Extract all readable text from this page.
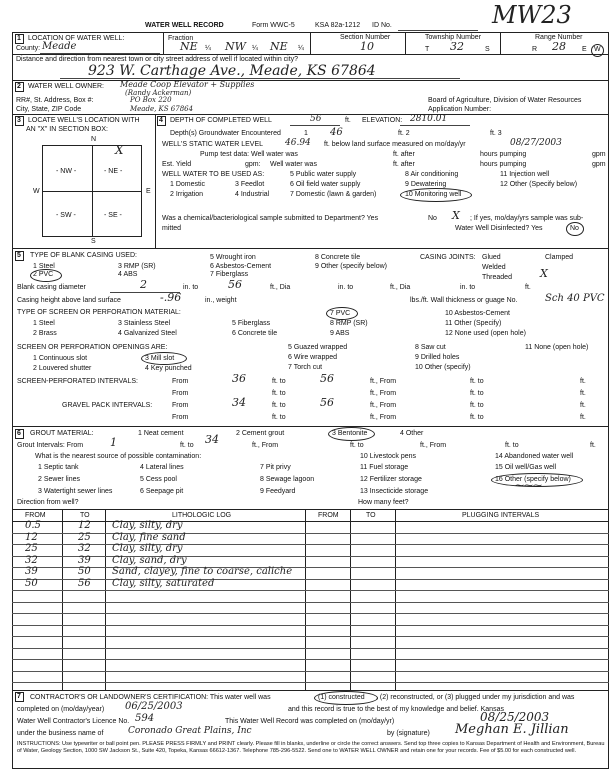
WATER WELL RECORD	Form WWC-5	KSA 82a-1212 ID No.	MW23
1 LOCATION OF WATER WELL:
County: Meade
Fraction
NE ¼ NW ¼ NE ¼
Section Number
10
Township Number
T 32	S
Range Number
R 28 E W
Distance and direction from nearest town or city street address of well if located within city?
923 W. Carthage Ave., Meade, KS 67864
2 WATER WELL OWNER: Meade Coop Elevator + Supplies
(Randy Ackerman)
RR#, St. Address, Box #:	PO Box 220
City, State, ZIP Code	Meade, KS 67864
Board of Agriculture, Division of Water Resources
Application Number:
3 LOCATE WELL'S LOCATION WITH
AN "X" IN SECTION BOX:
N
S
W	E
- NW -	- NE -
- SW -	- SE -
X
4 DEPTH OF COMPLETED WELL	56	ft. ELEVATION: 2810.01
Depth(s) Groundwater Encountered	1 46	ft. 2	ft. 3
WELL'S STATIC WATER LEVEL 46.94 ft. below land surface measured on mo/day/yr	08/27/2003
Pump test data: Well water was	ft. after	hours pumping	gpm
Est. Yield	gpm: Well water was	ft. after	hours pumping	gpm
WELL WATER TO BE USED AS:
1 Domestic
2 Irrigation
3 Feedlot
4 Industrial
5 Public water supply
6 Oil field water supply
7 Domestic (lawn & garden)
8 Air conditioning
9 Dewatering
10 Monitoring well
11 Injection well
12 Other (Specify below)
Was a chemical/bacteriological sample submitted to Department? Yes	No X ; If yes, mo/day/yrs sample was sub-
mitted	Water Well Disinfected? Yes	No
5 TYPE OF BLANK CASING USED:
1 Steel
2 PVC
3 RMP (SR)
4 ABS
5 Wrought iron
6 Asbestos-Cement
7 Fiberglass
8 Concrete tile
9 Other (specify below)
CASING JOINTS: Glued	Clamped
Welded
Threaded	X
Blank casing diameter	2	in. to	56	ft., Dia	in. to	ft., Dia	in. to	ft.
Casing height above land surface	-.96	in., weight	lbs./ft. Wall thickness or guage No.	Sch 40 PVC
TYPE OF SCREEN OR PERFORATION MATERIAL:
1 Steel
2 Brass
3 Stainless Steel
4 Galvanized Steel
5 Fiberglass
6 Concrete tile
7 PVC
8 RMP (SR)
9 ABS
10 Asbestos-Cement
11 Other (Specify)
12 None used (open hole)
SCREEN OR PERFORATION OPENINGS ARE:
1 Continuous slot
2 Louvered shutter
3 Mill slot
4 Key punched
5 Guazed wrapped
6 Wire wrapped
7 Torch cut
8 Saw cut
9 Drilled holes
10 Other (specify)
11 None (open hole)
SCREEN-PERFORATED INTERVALS:	From	36	ft. to	56	ft., From	ft. to	ft.
From	ft. to	ft., From	ft. to	ft.
GRAVEL PACK INTERVALS:	From	34	ft. to	56	ft., From	ft. to	ft.
From	ft. to	ft., From	ft. to	ft.
6 GROUT MATERIAL:	1 Neat cement	2 Cement grout	3 Bentonite	4 Other
Grout Intervals: From 1	ft. to 34	ft., From	ft. to	ft., From	ft. to	ft.
What is the nearest source of possible contamination:
1 Septic tank
2 Sewer lines
3 Watertight sewer lines
4 Lateral lines
5 Cess pool
6 Seepage pit
7 Pit privy
8 Sewage lagoon
9 Feedyard
10 Livestock pens
11 Fuel storage
12 Fertilizer storage
13 Insecticide storage
14 Abandoned water well
15 Oil well/Gas well
16 Other (specify below)
⁓⁓⁓
Direction from well?	How many feet?
FROM	TO	LITHOLOGIC LOG	FROM	TO	PLUGGING INTERVALS
0.5	12 Clay, silty, dry
12	25 Clay, fine sand
25	32 Clay, silty, dry
32	39 Clay, sand, dry
39	50 Sand, clayey, fine to coarse, caliche
50	56 Clay, silty, saturated
7 CONTRACTOR'S OR LANDOWNER'S CERTIFICATION: This water well was	(1) constructed , (2) reconstructed, or (3) plugged under my jurisdiction and was
completed on (mo/day/year) 06/25/2003	and this record is true to the best of my knowledge and belief. Kansas
Water Well Contractor's Licence No. 594	This Water Well Record was completed on (mo/day/yr)	08/25/2003
under the business name of	Coronado Great Plains, Inc	by (signature) Meghan E. Jillian
INSTRUCTIONS: Use typewriter or ball point pen. PLEASE PRESS FIRMLY and PRINT clearly. Please fill in blanks, underline or circle the correct answers. Send top three copies to Kansas Department of Health and Environment, Bureau of Water, Geology Section, 1000 SW Jackson St., Suite 420, Topeka, Kansas 66612-1367. Telephone 785-296-5522. Send one to WATER WELL OWNER and retain one for your records. Fee of $5.00 for each constructed well.
